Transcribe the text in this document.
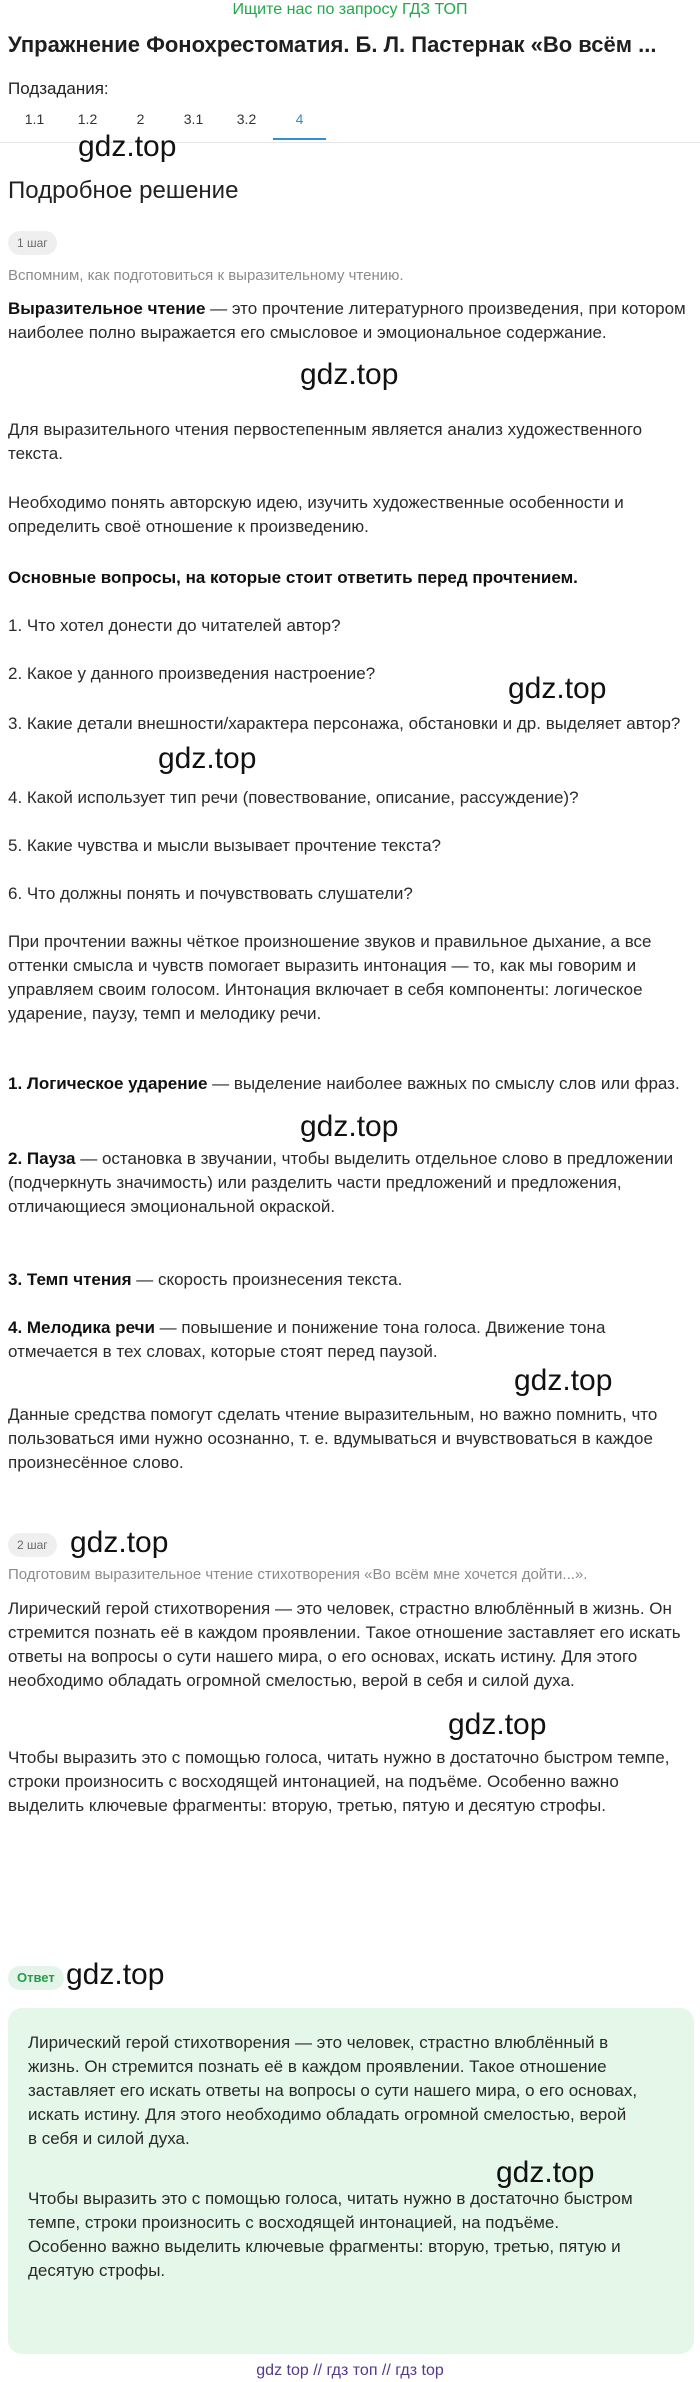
Ищите нас по запросу ГДЗ ТОП
Упражнение Фонохрестоматия. Б. Л. Пастернак «Во всём ...
Подзадания:
1.1	1.2	2	3.1	3.2	4
gdz.top
Подробное решение
1 шаг
Вспомним, как подготовиться к выразительному чтению.

Выразительное чтение — это прочтение литературного произведения, при котором наиболее полно выражается его смысловое и эмоциональное содержание.

gdz.top

Для выразительного чтения первостепенным является анализ художественного текста.

Необходимо понять авторскую идею, изучить художественные особенности и определить своё отношение к произведению.

Основные вопросы, на которые стоит ответить перед прочтением.

1. Что хотел донести до читателей автор?

2. Какое у данного произведения настроение?	gdz.top

3. Какие детали внешности/характера персонажа, обстановки и др. выделяет автор?

gdz.top

4. Какой использует тип речи (повествование, описание, рассуждение)?

5. Какие чувства и мысли вызывает прочтение текста?

6. Что должны понять и почувствовать слушатели?

При прочтении важны чёткое произношение звуков и правильное дыхание, а все оттенки смысла и чувств помогает выразить интонация — то, как мы говорим и управляем своим голосом. Интонация включает в себя компоненты: логическое ударение, паузу, темп и мелодику речи.

1. Логическое ударение — выделение наиболее важных по смыслу слов или фраз.

gdz.top

2. Пауза — остановка в звучании, чтобы выделить отдельное слово в предложении (подчеркнуть значимость) или разделить части предложений и предложения, отличающиеся эмоциональной окраской.

3. Темп чтения — скорость произнесения текста.

4. Мелодика речи — повышение и понижение тона голоса. Движение тона отмечается в тех словах, которые стоят перед паузой.

gdz.top

Данные средства помогут сделать чтение выразительным, но важно помнить, что пользоваться ими нужно осознанно, т. е. вдумываться и вчувствоваться в каждое произнесённое слово.

2 шаг gdz.top
Подготовим выразительное чтение стихотворения «Во всём мне хочется дойти...».

Лирический герой стихотворения — это человек, страстно влюблённый в жизнь. Он стремится познать её в каждом проявлении. Такое отношение заставляет его искать ответы на вопросы о сути нашего мира, о его основах, искать истину. Для этого необходимо обладать огромной смелостью, верой в себя и силой духа.

gdz.top

Чтобы выразить это с помощью голоса, читать нужно в достаточно быстром темпе, строки произносить с восходящей интонацией, на подъёме. Особенно важно выделить ключевые фрагменты: вторую, третью, пятую и десятую строфы.

Ответ gdz.top

Лирический герой стихотворения — это человек, страстно влюблённый в жизнь. Он стремится познать её в каждом проявлении. Такое отношение заставляет его искать ответы на вопросы о сути нашего мира, о его основах, искать истину. Для этого необходимо обладать огромной смелостью, верой в себя и силой духа.

gdz.top

Чтобы выразить это с помощью голоса, читать нужно в достаточно быстром темпе, строки произносить с восходящей интонацией, на подъёме. Особенно важно выделить ключевые фрагменты: вторую, третью, пятую и десятую строфы.

gdz top // гдз топ // гдз top
